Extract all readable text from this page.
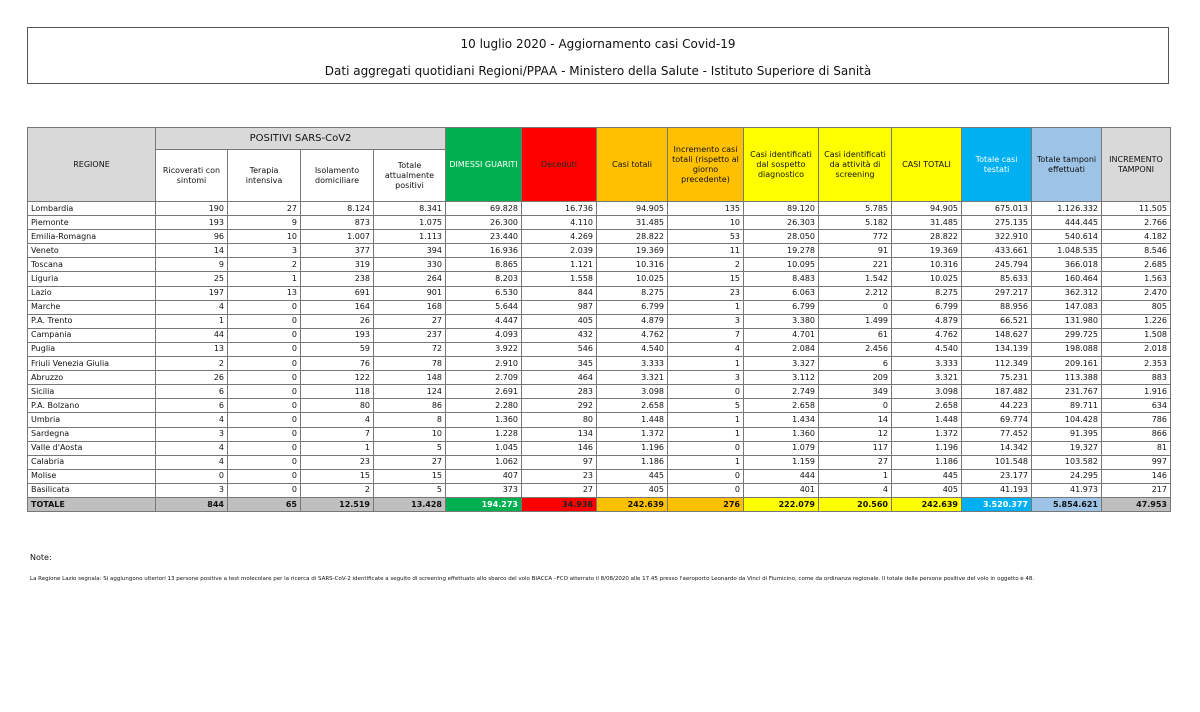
10 luglio 2020 - Aggiornamento casi Covid-19
Dati aggregati quotidiani Regioni/PPAA - Ministero della Salute - Istituto Superiore di Sanità
REGIONE	POSITIVI SARS-CoV2				DIMESSI GUARITI	Deceduti	Casi totali	Incremento casi totali (rispetto al giorno precedente)	Casi identificati dal sospetto diagnostico	Casi identificati da attività di screening	CASI TOTALI	Totale casi testati	Totale tamponi effettuati	INCREMENTO TAMPONI
	Ricoverati con sintomi	Terapia intensiva	Isolamento domiciliare	Totale attualmente positivi										
Lombardia	190	27	8.124	8.341	69.828	16.736	94.905	135	89.120	5.785	94.905	675.013	1.126.332	11.505
Piemonte	193	9	873	1.075	26.300	4.110	31.485	10	26.303	5.182	31.485	275.135	444.445	2.766
Emilia-Romagna	96	10	1.007	1.113	23.440	4.269	28.822	53	28.050	772	28.822	322.910	540.614	4.182
Veneto	14	3	377	394	16.936	2.039	19.369	11	19.278	91	19.369	433.661	1.048.535	8.546
Toscana	9	2	319	330	8.865	1.121	10.316	2	10.095	221	10.316	245.794	366.018	2.685
Liguria	25	1	238	264	8.203	1.558	10.025	15	8.483	1.542	10.025	85.633	160.464	1.563
Lazio	197	13	691	901	6.530	844	8.275	23	6.063	2.212	8.275	297.217	362.312	2.470
Marche	4	0	164	168	5.644	987	6.799	1	6.799	0	6.799	88.956	147.083	805
P.A. Trento	1	0	26	27	4.447	405	4.879	3	3.380	1.499	4.879	66.521	131.980	1.226
Campania	44	0	193	237	4.093	432	4.762	7	4.701	61	4.762	148.627	299.725	1.508
Puglia	13	0	59	72	3.922	546	4.540	4	2.084	2.456	4.540	134.139	198.088	2.018
Friuli Venezia Giulia	2	0	76	78	2.910	345	3.333	1	3.327	6	3.333	112.349	209.161	2.353
Abruzzo	26	0	122	148	2.709	464	3.321	3	3.112	209	3.321	75.231	113.388	883
Sicilia	6	0	118	124	2.691	283	3.098	0	2.749	349	3.098	187.482	231.767	1.916
P.A. Bolzano	6	0	80	86	2.280	292	2.658	5	2.658	0	2.658	44.223	89.711	634
Umbria	4	0	4	8	1.360	80	1.448	1	1.434	14	1.448	69.774	104.428	786
Sardegna	3	0	7	10	1.228	134	1.372	1	1.360	12	1.372	77.452	91.395	866
Valle d'Aosta	4	0	1	5	1.045	146	1.196	0	1.079	117	1.196	14.342	19.327	81
Calabria	4	0	23	27	1.062	97	1.186	1	1.159	27	1.186	101.548	103.582	997
Molise	0	0	15	15	407	23	445	0	444	1	445	23.177	24.295	146
Basilicata	3	0	2	5	373	27	405	0	401	4	405	41.193	41.973	217
TOTALE	844	65	12.519	13.428	194.273	34.938	242.639	276	222.079	20.560	242.639	3.520.377	5.854.621	47.953
Note:
La Regione Lazio segnala: Si aggiungono ulteriori 13 persone positive a test molecolare per la ricerca di SARS-CoV-2 identificate a seguito di screening effettuato allo sbarco del volo BIACCA –FCO atterrato il 8/08/2020 alle 17.45 presso l'aeroporto Leonardo da Vinci di Fiumicino, come da ordinanza regionale. Il totale delle persone positive del volo in oggetto è 48.
